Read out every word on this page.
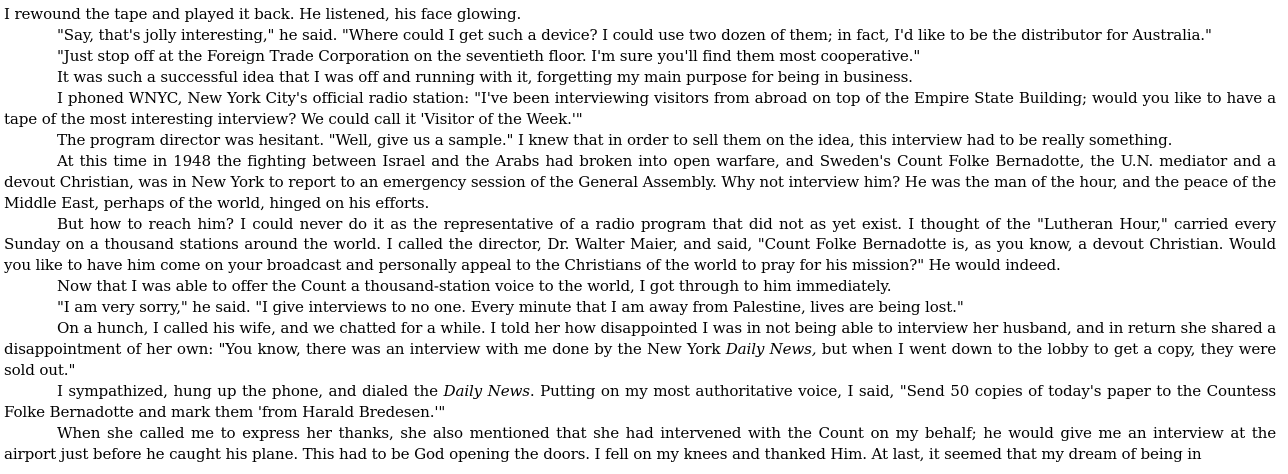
I rewound the tape and played it back. He listened, his face glowing.

"Say, that's jolly interesting," he said. "Where could I get such a device? I could use two dozen of them; in fact, I'd like to be the distributor for Australia."

"Just stop off at the Foreign Trade Corporation on the seventieth floor. I'm sure you'll find them most cooperative."

It was such a successful idea that I was off and running with it, forgetting my main purpose for being in business.

I phoned WNYC, New York City's official radio station: "I've been interviewing visitors from abroad on top of the Empire State Building; would you like to have a tape of the most interesting interview? We could call it 'Visitor of the Week.'"

The program director was hesitant. "Well, give us a sample." I knew that in order to sell them on the idea, this interview had to be really something.

At this time in 1948 the fighting between Israel and the Arabs had broken into open warfare, and Sweden's Count Folke Bernadotte, the U.N. mediator and a devout Christian, was in New York to report to an emergency session of the General Assembly. Why not interview him? He was the man of the hour, and the peace of the Middle East, perhaps of the world, hinged on his efforts.

But how to reach him? I could never do it as the representative of a radio program that did not as yet exist. I thought of the "Lutheran Hour," carried every Sunday on a thousand stations around the world. I called the director, Dr. Walter Maier, and said, "Count Folke Bernadotte is, as you know, a devout Christian. Would you like to have him come on your broadcast and personally appeal to the Christians of the world to pray for his mission?" He would indeed.

Now that I was able to offer the Count a thousand-station voice to the world, I got through to him immediately.

"I am very sorry," he said. "I give interviews to no one. Every minute that I am away from Palestine, lives are being lost."

On a hunch, I called his wife, and we chatted for a while. I told her how disappointed I was in not being able to interview her husband, and in return she shared a disappointment of her own: "You know, there was an interview with me done by the New York Daily News, but when I went down to the lobby to get a copy, they were sold out."

I sympathized, hung up the phone, and dialed the Daily News. Putting on my most authoritative voice, I said, "Send 50 copies of today's paper to the Countess Folke Bernadotte and mark them 'from Harald Bredesen.'"

When she called me to express her thanks, she also mentioned that she had intervened with the Count on my behalf; he would give me an interview at the airport just before he caught his plane. This had to be God opening the doors. I fell on my knees and thanked Him. At last, it seemed that my dream of being in
